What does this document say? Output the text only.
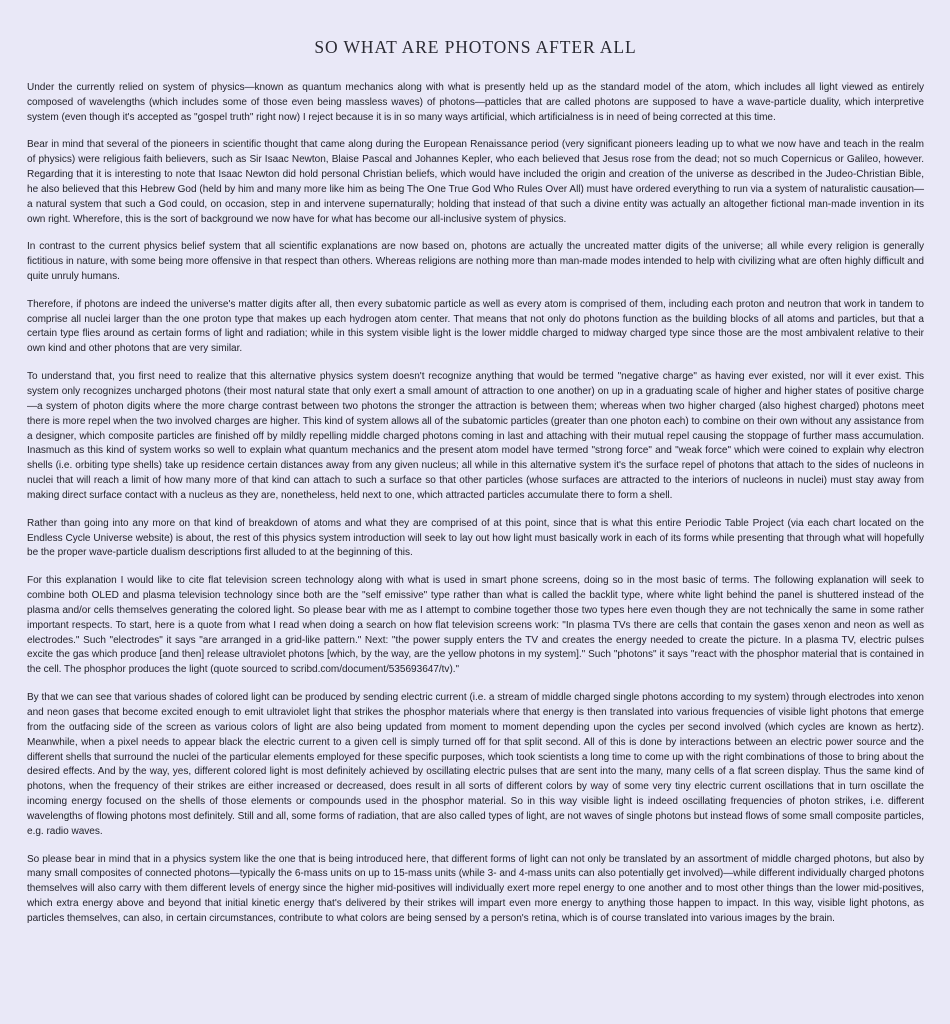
SO WHAT ARE PHOTONS AFTER ALL

Under the currently relied on system of physics—known as quantum mechanics along with what is presently held up as the standard model of the atom, which includes all light viewed as entirely composed of wavelengths (which includes some of those even being massless waves) of photons—patticles that are called photons are supposed to have a wave-particle duality, which interpretive system (even though it's accepted as "gospel truth" right now) I reject because it is in so many ways artificial, which artificialness is in need of being corrected at this time.

Bear in mind that several of the pioneers in scientific thought that came along during the European Renaissance period (very significant pioneers leading up to what we now have and teach in the realm of physics) were religious faith believers, such as Sir Isaac Newton, Blaise Pascal and Johannes Kepler, who each believed that Jesus rose from the dead; not so much Copernicus or Galileo, however. Regarding that it is interesting to note that Isaac Newton did hold personal Christian beliefs, which would have included the origin and creation of the universe as described in the Judeo-Christian Bible, he also believed that this Hebrew God (held by him and many more like him as being The One True God Who Rules Over All) must have ordered everything to run via a system of naturalistic causation—a natural system that such a God could, on occasion, step in and intervene supernaturally; holding that instead of that such a divine entity was actually an altogether fictional man-made invention in its own right. Wherefore, this is the sort of background we now have for what has become our all-inclusive system of physics.

In contrast to the current physics belief system that all scientific explanations are now based on, photons are actually the uncreated matter digits of the universe; all while every religion is generally fictitious in nature, with some being more offensive in that respect than others. Whereas religions are nothing more than man-made modes intended to help with civilizing what are often highly difficult and quite unruly humans.

Therefore, if photons are indeed the universe's matter digits after all, then every subatomic particle as well as every atom is comprised of them, including each proton and neutron that work in tandem to comprise all nuclei larger than the one proton type that makes up each hydrogen atom center. That means that not only do photons function as the building blocks of all atoms and particles, but that a certain type flies around as certain forms of light and radiation; while in this system visible light is the lower middle charged to midway charged type since those are the most ambivalent relative to their own kind and other photons that are very similar.

To understand that, you first need to realize that this alternative physics system doesn't recognize anything that would be termed "negative charge" as having ever existed, nor will it ever exist. This system only recognizes uncharged photons (their most natural state that only exert a small amount of attraction to one another) on up in a graduating scale of higher and higher states of positive charge—a system of photon digits where the more charge contrast between two photons the stronger the attraction is between them; whereas when two higher charged (also highest charged) photons meet there is more repel when the two involved charges are higher. This kind of system allows all of the subatomic particles (greater than one photon each) to combine on their own without any assistance from a designer, which composite particles are finished off by mildly repelling middle charged photons coming in last and attaching with their mutual repel causing the stoppage of further mass accumulation. Inasmuch as this kind of system works so well to explain what quantum mechanics and the present atom model have termed "strong force" and "weak force" which were coined to explain why electron shells (i.e. orbiting type shells) take up residence certain distances away from any given nucleus; all while in this alternative system it's the surface repel of photons that attach to the sides of nucleons in nuclei that will reach a limit of how many more of that kind can attach to such a surface so that other particles (whose surfaces are attracted to the interiors of nucleons in nuclei) must stay away from making direct surface contact with a nucleus as they are, nonetheless, held next to one, which attracted particles accumulate there to form a shell.

Rather than going into any more on that kind of breakdown of atoms and what they are comprised of at this point, since that is what this entire Periodic Table Project (via each chart located on the Endless Cycle Universe website) is about, the rest of this physics system introduction will seek to lay out how light must basically work in each of its forms while presenting that through what will hopefully be the proper wave-particle dualism descriptions first alluded to at the beginning of this.

For this explanation I would like to cite flat television screen technology along with what is used in smart phone screens, doing so in the most basic of terms. The following explanation will seek to combine both OLED and plasma television technology since both are the "self emissive" type rather than what is called the backlit type, where white light behind the panel is shuttered instead of the plasma and/or cells themselves generating the colored light. So please bear with me as I attempt to combine together those two types here even though they are not technically the same in some rather important respects. To start, here is a quote from what I read when doing a search on how flat television screens work: "In plasma TVs there are cells that contain the gases xenon and neon as well as electrodes." Such "electrodes" it says "are arranged in a grid-like pattern." Next: "the power supply enters the TV and creates the energy needed to create the picture. In a plasma TV, electric pulses excite the gas which produce [and then] release ultraviolet photons [which, by the way, are the yellow photons in my system]." Such "photons" it says "react with the phosphor material that is contained in the cell. The phosphor produces the light (quote sourced to scribd.com/document/535693647/tv)."

By that we can see that various shades of colored light can be produced by sending electric current (i.e. a stream of middle charged single photons according to my system) through electrodes into xenon and neon gases that become excited enough to emit ultraviolet light that strikes the phosphor materials where that energy is then translated into various frequencies of visible light photons that emerge from the outfacing side of the screen as various colors of light are also being updated from moment to moment depending upon the cycles per second involved (which cycles are known as hertz). Meanwhile, when a pixel needs to appear black the electric current to a given cell is simply turned off for that split second. All of this is done by interactions between an electric power source and the different shells that surround the nuclei of the particular elements employed for these specific purposes, which took scientists a long time to come up with the right combinations of those to bring about the desired effects. And by the way, yes, different colored light is most definitely achieved by oscillating electric pulses that are sent into the many, many cells of a flat screen display. Thus the same kind of photons, when the frequency of their strikes are either increased or decreased, does result in all sorts of different colors by way of some very tiny electric current oscillations that in turn oscillate the incoming energy focused on the shells of those elements or compounds used in the phosphor material. So in this way visible light is indeed oscillating frequencies of photon strikes, i.e. different wavelengths of flowing photons most definitely. Still and all, some forms of radiation, that are also called types of light, are not waves of single photons but instead flows of some small composite particles, e.g. radio waves.

So please bear in mind that in a physics system like the one that is being introduced here, that different forms of light can not only be translated by an assortment of middle charged photons, but also by many small composites of connected photons—typically the 6-mass units on up to 15-mass units (while 3- and 4-mass units can also potentially get involved)—while different individually charged photons themselves will also carry with them different levels of energy since the higher mid-positives will individually exert more repel energy to one another and to most other things than the lower mid-positives, which extra energy above and beyond that initial kinetic energy that's delivered by their strikes will impart even more energy to anything those happen to impact. In this way, visible light photons, as particles themselves, can also, in certain circumstances, contribute to what colors are being sensed by a person's retina, which is of course translated into various images by the brain.
